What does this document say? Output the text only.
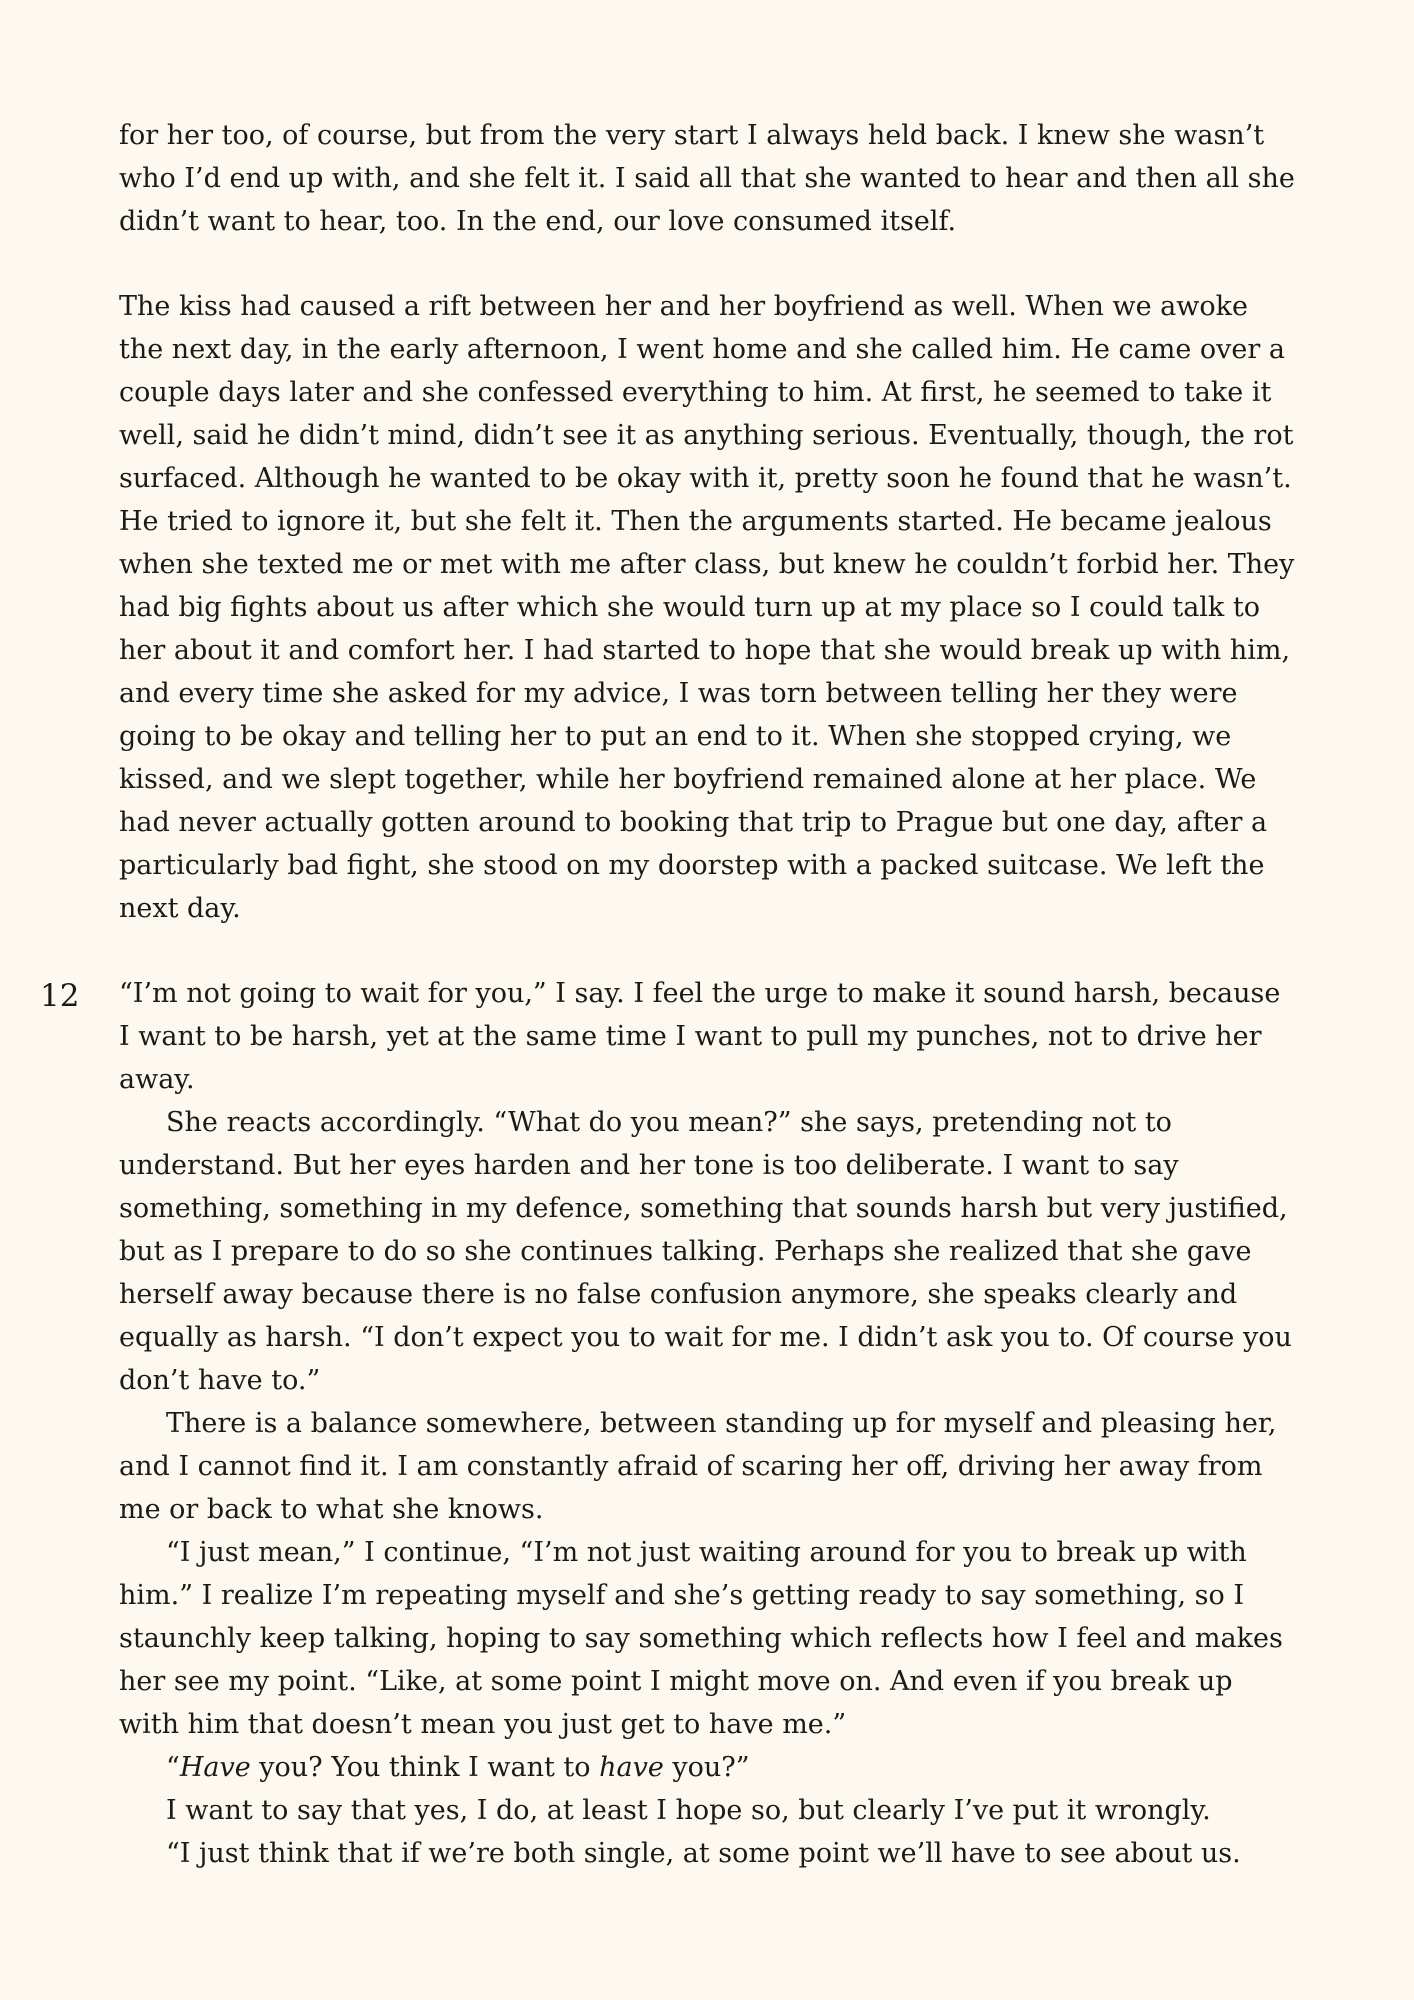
12

for her too, of course, but from the very start I always held back. I knew she wasn’t who I’d end up with, and she felt it. I said all that she wanted to hear and then all she didn’t want to hear, too. In the end, our love consumed itself.

The kiss had caused a rift between her and her boyfriend as well. When we awoke the next day, in the early afternoon, I went home and she called him. He came over a couple days later and she confessed everything to him. At first, he seemed to take it well, said he didn’t mind, didn’t see it as anything serious. Eventually, though, the rot surfaced. Although he wanted to be okay with it, pretty soon he found that he wasn’t. He tried to ignore it, but she felt it. Then the arguments started. He became jealous when she texted me or met with me after class, but knew he couldn’t forbid her. They had big fights about us after which she would turn up at my place so I could talk to her about it and comfort her. I had started to hope that she would break up with him, and every time she asked for my advice, I was torn between telling her they were going to be okay and telling her to put an end to it. When she stopped crying, we kissed, and we slept together, while her boyfriend remained alone at her place. We had never actually gotten around to booking that trip to Prague but one day, after a particularly bad fight, she stood on my doorstep with a packed suitcase. We left the next day.

“I’m not going to wait for you,” I say. I feel the urge to make it sound harsh, because I want to be harsh, yet at the same time I want to pull my punches, not to drive her away.

She reacts accordingly. “What do you mean?” she says, pretending not to understand. But her eyes harden and her tone is too deliberate. I want to say something, something in my defence, something that sounds harsh but very justified, but as I prepare to do so she continues talking. Perhaps she realized that she gave herself away because there is no false confusion anymore, she speaks clearly and equally as harsh. “I don’t expect you to wait for me. I didn’t ask you to. Of course you don’t have to.”

There is a balance somewhere, between standing up for myself and pleasing her, and I cannot find it. I am constantly afraid of scaring her off, driving her away from me or back to what she knows.

“I just mean,” I continue, “I’m not just waiting around for you to break up with him.” I realize I’m repeating myself and she’s getting ready to say something, so I staunchly keep talking, hoping to say something which reflects how I feel and makes her see my point. “Like, at some point I might move on. And even if you break up with him that doesn’t mean you just get to have me.”

“Have you? You think I want to have you?”

I want to say that yes, I do, at least I hope so, but clearly I’ve put it wrongly.

“I just think that if we’re both single, at some point we’ll have to see about us.
